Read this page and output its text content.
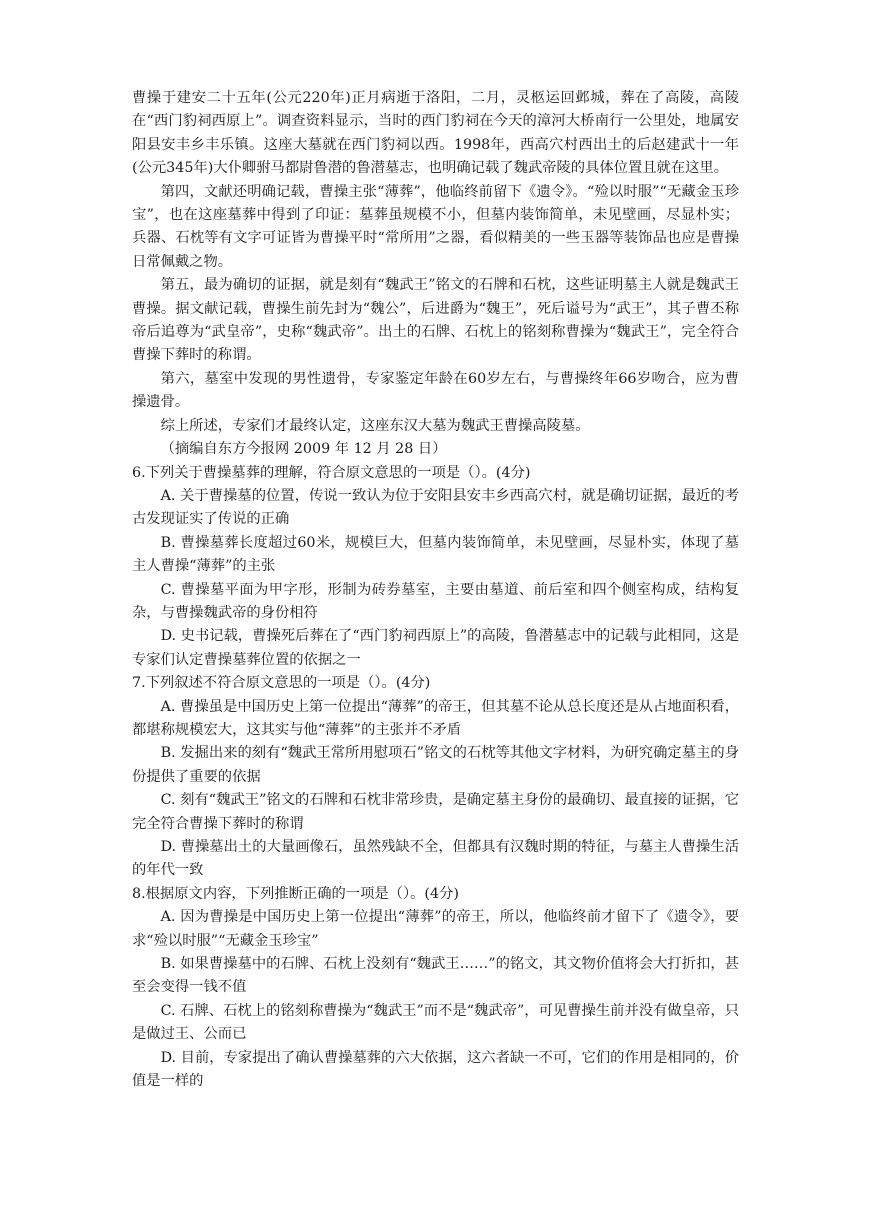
曹操于建安二十五年(公元220年)正月病逝于洛阳，二月，灵柩运回邺城，葬在了高陵，高陵在“西门豹祠西原上”。调查资料显示，当时的西门豹祠在今天的漳河大桥南行一公里处，地属安阳县安丰乡丰乐镇。这座大墓就在西门豹祠以西。1998年，西高穴村西出土的后赵建武十一年(公元345年)大仆卿驸马都尉鲁潜的鲁潜墓志，也明确记载了魏武帝陵的具体位置且就在这里。

第四，文献还明确记载，曹操主张“薄葬”，他临终前留下《遗令》。“殓以时服”“无藏金玉珍宝”，也在这座墓葬中得到了印证：墓葬虽规模不小，但墓内装饰简单，未见壁画，尽显朴实；兵器、石枕等有文字可证皆为曹操平时“常所用”之器，看似精美的一些玉器等装饰品也应是曹操日常佩戴之物。

第五，最为确切的证据，就是刻有“魏武王”铭文的石牌和石枕，这些证明墓主人就是魏武王曹操。据文献记载，曹操生前先封为“魏公”，后进爵为“魏王”，死后谥号为“武王”，其子曹丕称帝后追尊为“武皇帝”，史称“魏武帝”。出土的石牌、石枕上的铭刻称曹操为“魏武王”，完全符合曹操下葬时的称谓。

第六，墓室中发现的男性遗骨，专家鉴定年龄在60岁左右，与曹操终年66岁吻合，应为曹操遗骨。

综上所述，专家们才最终认定，这座东汉大墓为魏武王曹操高陵墓。

（摘编自东方今报网 2009 年 12 月 28 日）

6.下列关于曹操墓葬的理解，符合原文意思的一项是（）。(4分)

A. 关于曹操墓的位置，传说一致认为位于安阳县安丰乡西高穴村，就是确切证据，最近的考古发现证实了传说的正确

B. 曹操墓葬长度超过60米，规模巨大，但墓内装饰简单，未见壁画，尽显朴实，体现了墓主人曹操“薄葬”的主张

C. 曹操墓平面为甲字形，形制为砖券墓室，主要由墓道、前后室和四个侧室构成，结构复杂，与曹操魏武帝的身份相符

D. 史书记载，曹操死后葬在了“西门豹祠西原上”的高陵，鲁潜墓志中的记载与此相同，这是专家们认定曹操墓葬位置的依据之一

7.下列叙述不符合原文意思的一项是（）。(4分)

A. 曹操虽是中国历史上第一位提出“薄葬”的帝王，但其墓不论从总长度还是从占地面积看，都堪称规模宏大，这其实与他“薄葬”的主张并不矛盾

B. 发掘出来的刻有“魏武王常所用慰项石”铭文的石枕等其他文字材料，为研究确定墓主的身份提供了重要的依据

C. 刻有“魏武王”铭文的石牌和石枕非常珍贵，是确定墓主身份的最确切、最直接的证据，它完全符合曹操下葬时的称谓

D. 曹操墓出土的大量画像石，虽然残缺不全，但都具有汉魏时期的特征，与墓主人曹操生活的年代一致

8.根据原文内容，下列推断正确的一项是（）。(4分)

A. 因为曹操是中国历史上第一位提出“薄葬”的帝王，所以，他临终前才留下了《遗令》，要求“殓以时服”“无藏金玉珍宝”

B. 如果曹操墓中的石牌、石枕上没刻有“魏武王……”的铭文，其文物价值将会大打折扣，甚至会变得一钱不值

C. 石牌、石枕上的铭刻称曹操为“魏武王”而不是“魏武帝”，可见曹操生前并没有做皇帝，只是做过王、公而已

D. 目前，专家提出了确认曹操墓葬的六大依据，这六者缺一不可，它们的作用是相同的，价值是一样的
